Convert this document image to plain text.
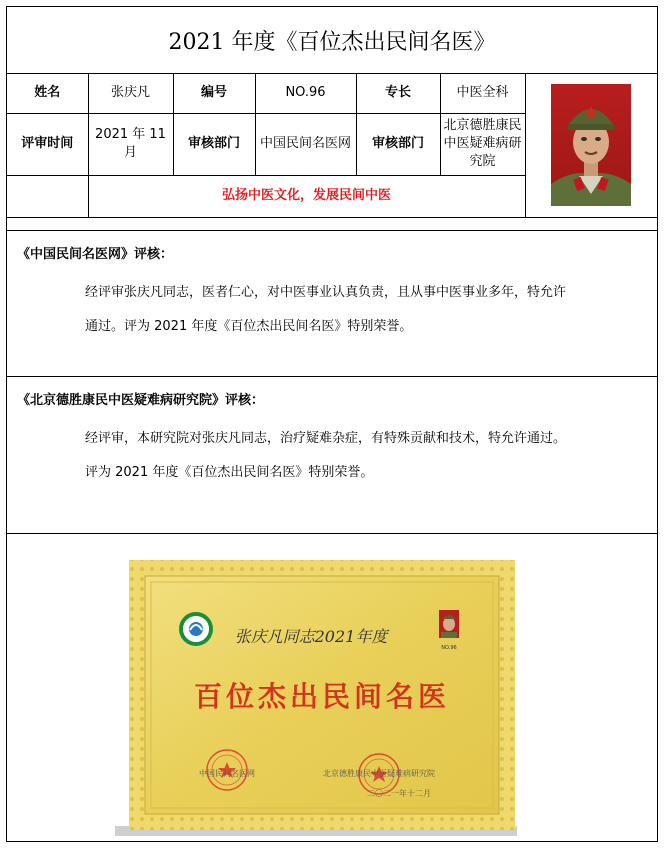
2021 年度《百位杰出民间名医》
姓名	张庆凡	编号	NO.96	专长	中医全科	

评审时间	2021 年 11 月	审核部门	中国民间名医网	审核部门	北京德胜康民中医疑难病研究院	
	弘扬中医文化，发展民间中医					
《中国民间名医网》评核：
经评审张庆凡同志，医者仁心，对中医事业认真负责，且从事中医事业多年，特允许
通过。评为 2021 年度《百位杰出民间名医》特别荣誉。
《北京德胜康民中医疑难病研究院》评核：
经评审，本研究院对张庆凡同志，治疗疑难杂症，有特殊贡献和技术，特允许通过。
评为 2021 年度《百位杰出民间名医》特别荣誉。
张庆凡同志2021年度
NO.96
百位杰出民间名医
中国民间名医网	北京德胜康民中医疑难病研究院
二〇二一年十二月
